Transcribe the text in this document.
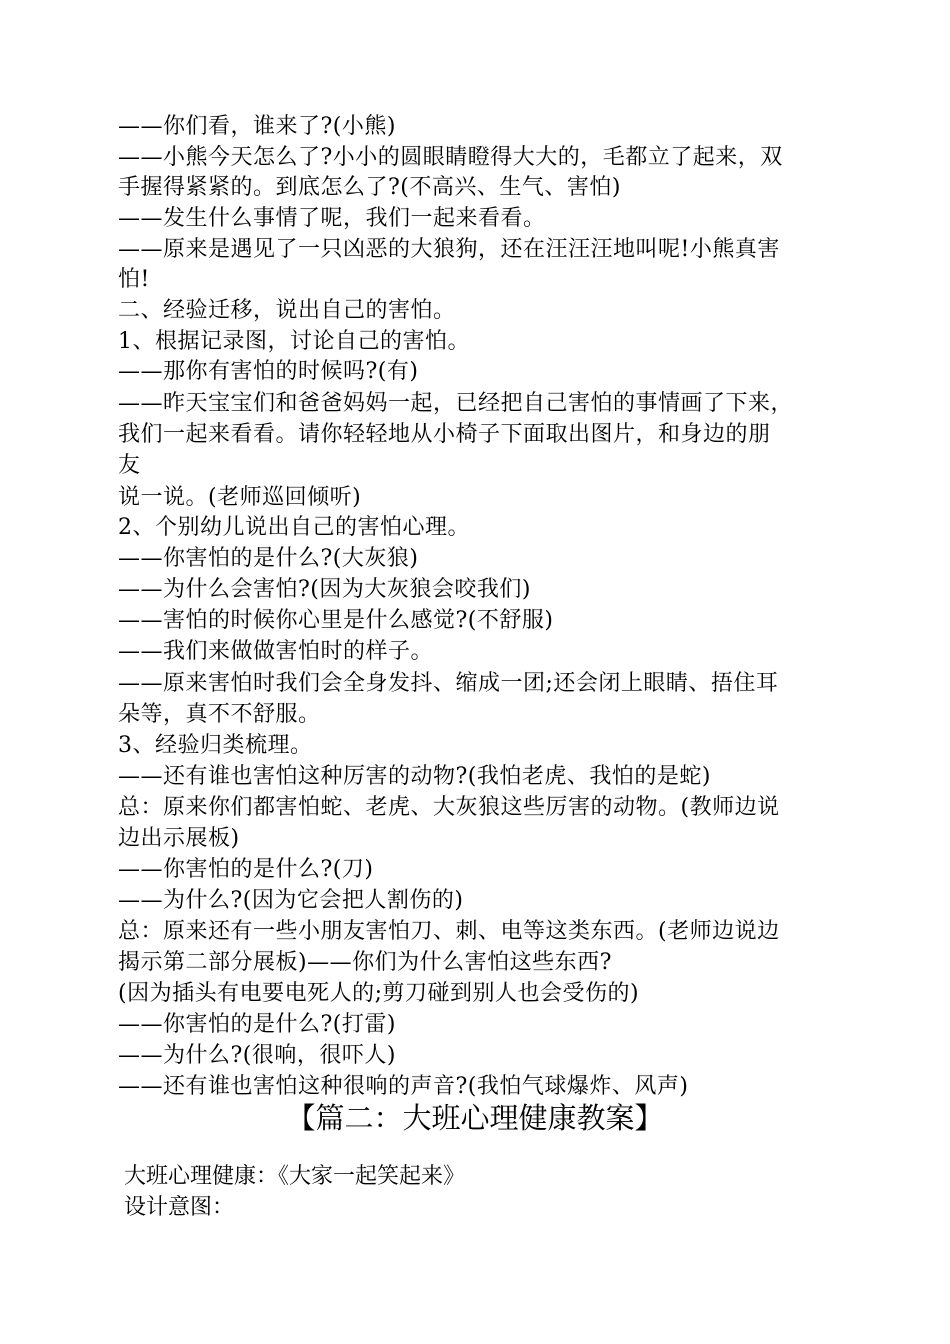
——你们看，谁来了?(小熊)
——小熊今天怎么了?小小的圆眼睛瞪得大大的，毛都立了起来，双
手握得紧紧的。到底怎么了?(不高兴、生气、害怕)
——发生什么事情了呢，我们一起来看看。
——原来是遇见了一只凶恶的大狼狗，还在汪汪汪地叫呢!小熊真害
怕!
二、经验迁移，说出自己的害怕。
1、根据记录图，讨论自己的害怕。
——那你有害怕的时候吗?(有)
——昨天宝宝们和爸爸妈妈一起，已经把自己害怕的事情画了下来，
我们一起来看看。请你轻轻地从小椅子下面取出图片，和身边的朋
友
说一说。(老师巡回倾听)
2、个别幼儿说出自己的害怕心理。
——你害怕的是什么?(大灰狼)
——为什么会害怕?(因为大灰狼会咬我们)
——害怕的时候你心里是什么感觉?(不舒服)
——我们来做做害怕时的样子。
——原来害怕时我们会全身发抖、缩成一团;还会闭上眼睛、捂住耳
朵等，真不不舒服。
3、经验归类梳理。
——还有谁也害怕这种厉害的动物?(我怕老虎、我怕的是蛇)
总：原来你们都害怕蛇、老虎、大灰狼这些厉害的动物。(教师边说
边出示展板)
——你害怕的是什么?(刀)
——为什么?(因为它会把人割伤的)
总：原来还有一些小朋友害怕刀、刺、电等这类东西。(老师边说边
揭示第二部分展板)——你们为什么害怕这些东西?
(因为插头有电要电死人的;剪刀碰到别人也会受伤的)
——你害怕的是什么?(打雷)
——为什么?(很响，很吓人)
——还有谁也害怕这种很响的声音?(我怕气球爆炸、风声)
【篇二：大班心理健康教案】
大班心理健康：《大家一起笑起来》
设计意图：
